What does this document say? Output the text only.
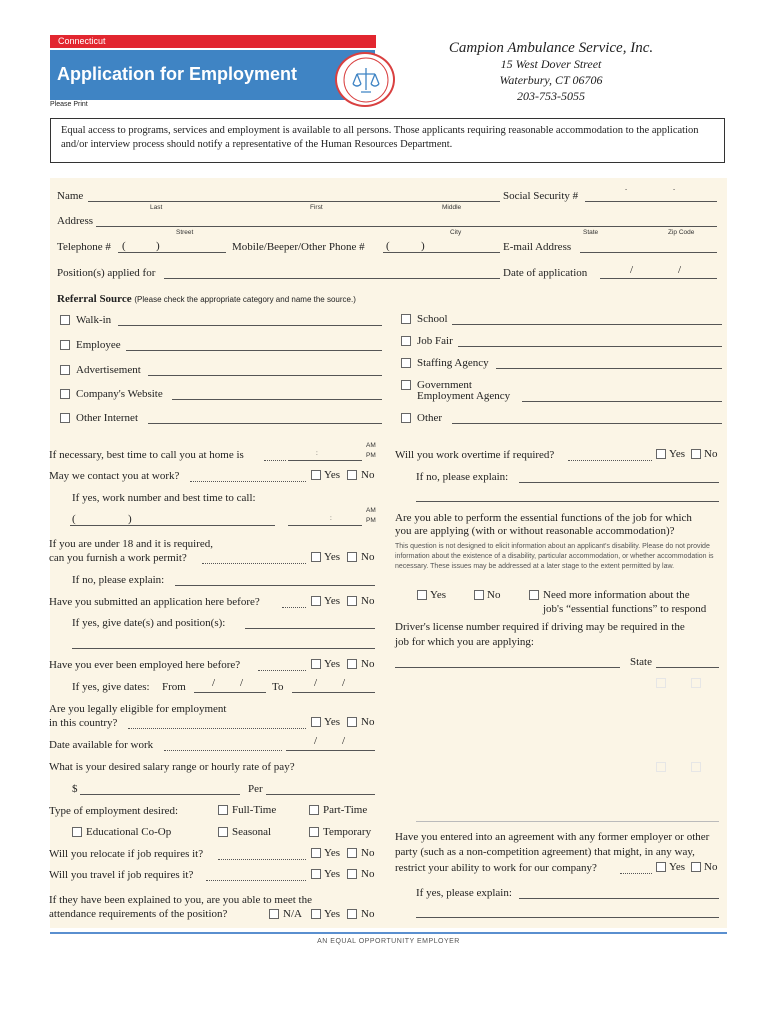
Connecticut
Application for Employment
Please Print
Campion Ambulance Service, Inc.
15 West Dover Street
Waterbury, CT 06706
203-753-5055
Equal access to programs, services and employment is available to all persons. Those applicants requiring reasonable accommodation to the application and/or interview process should notify a representative of the Human Resources Department.
Name
Last	First	Middle
Social Security #
-	-
Address
Street	City	State	Zip Code
Telephone # (	)	Mobile/Beeper/Other Phone # (	)	E-mail Address
Position(s) applied for	Date of application	/	/
Referral Source (Please check the appropriate category and name the source.)
Walk-in
Employee
Advertisement
Company's Website
Other Internet
School
Job Fair
Staffing Agency
Government
Employment Agency
Other
If necessary, best time to call you at home is	:
AM
PM
May we contact you at work?	Yes No
If yes, work number and best time to call:
(	)	:
AM
PM
If you are under 18 and it is required,
can you furnish a work permit?	Yes No
If no, please explain:
Have you submitted an application here before?	Yes No
If yes, give date(s) and position(s):
Have you ever been employed here before?	Yes No
If yes, give dates: From / /	To	/ /
Are you legally eligible for employment
in this country?	Yes No
Date available for work	/ /
What is your desired salary range or hourly rate of pay?
$	Per
Type of employment desired:	Full-Time	Part-Time
Educational Co-Op	Seasonal	Temporary
Will you relocate if job requires it?	Yes No
Will you travel if job requires it?	Yes No
If they have been explained to you, are you able to meet the
attendance requirements of the position?	N/A Yes No
Will you work overtime if required?	Yes No
If no, please explain:
Are you able to perform the essential functions of the job for which
you are applying (with or without reasonable accommodation)?
This question is not designed to elicit information about an applicant's disability. Please do not provide information about the existence of a disability, particular accommodation, or whether accommodation is necessary. These issues may be addressed at a later stage to the extent permitted by law.
Yes	No	Need more information about the
job's “essential functions” to respond
Driver's license number required if driving may be required in the
job for which you are applying:
State
Have you entered into an agreement with any former employer or other
party (such as a non-competition agreement) that might, in any way,
restrict your ability to work for our company?	Yes No
If yes, please explain:
AN EQUAL OPPORTUNITY EMPLOYER
